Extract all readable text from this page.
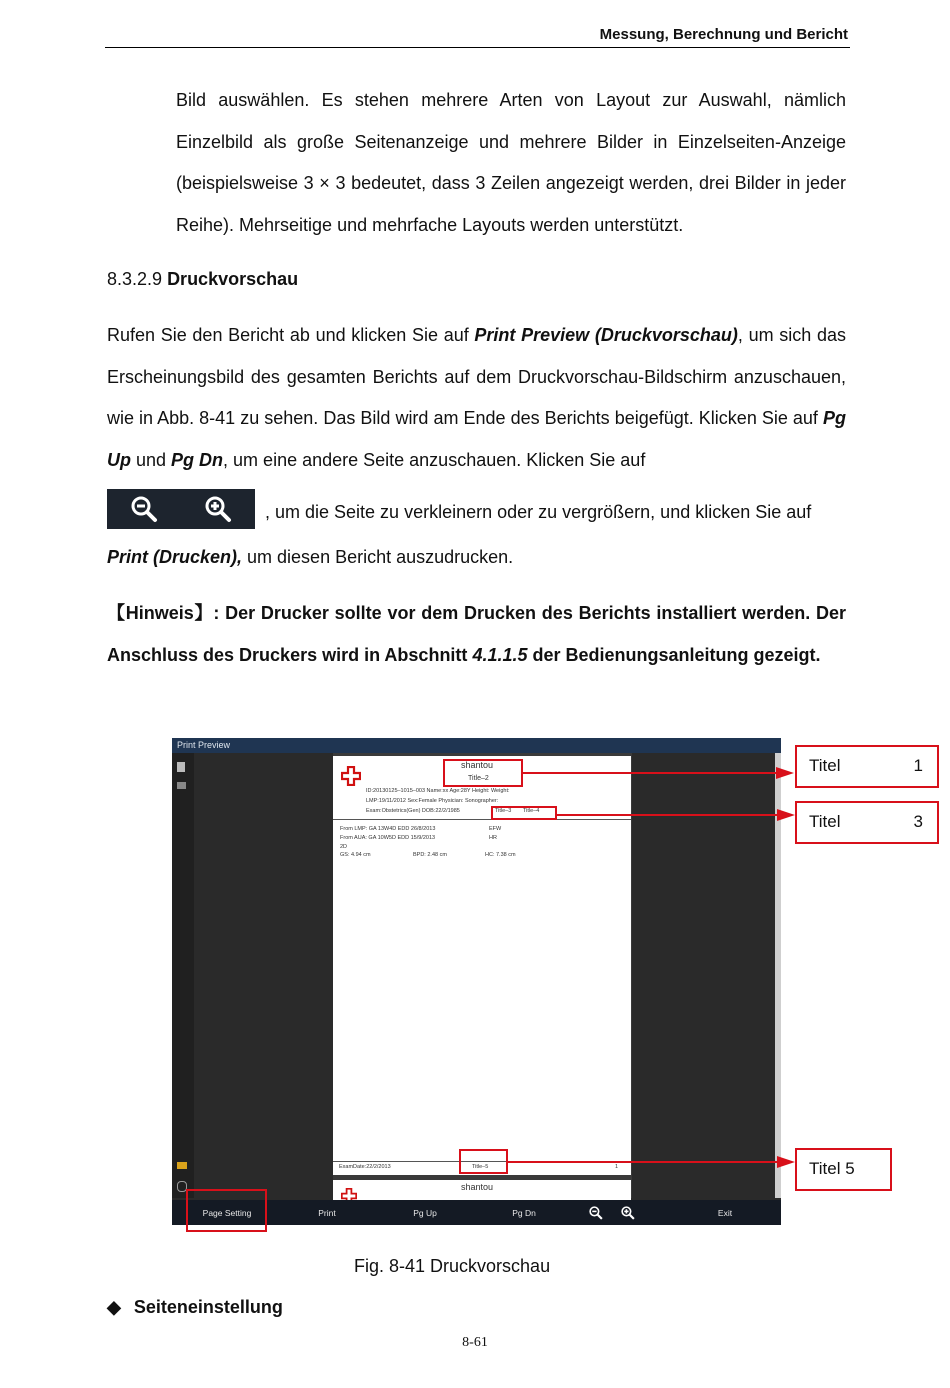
Messung, Berechnung und Bericht
Bild auswählen. Es stehen mehrere Arten von Layout zur Auswahl, nämlich Einzelbild als große Seitenanzeige und mehrere Bilder in Einzelseiten-Anzeige (beispielsweise 3 × 3 bedeutet, dass 3 Zeilen angezeigt werden, drei Bilder in jeder Reihe). Mehrseitige und mehrfache Layouts werden unterstützt.
8.3.2.9 Druckvorschau
Rufen Sie den Bericht ab und klicken Sie auf Print Preview (Druckvorschau), um sich das Erscheinungsbild des gesamten Berichts auf dem Druckvorschau-Bildschirm anzuschauen, wie in Abb. 8-41 zu sehen. Das Bild wird am Ende des Berichts beigefügt. Klicken Sie auf Pg Up und Pg Dn, um eine andere Seite anzuschauen. Klicken Sie auf
, um die Seite zu verkleinern oder zu vergrößern, und klicken Sie auf
Print (Drucken), um diesen Bericht auszudrucken.
【Hinweis】: Der Drucker sollte vor dem Drucken des Berichts installiert werden. Der Anschluss des Druckers wird in Abschnitt 4.1.1.5 der Bedienungsanleitung gezeigt.
Print Preview
shantou
Title–2
ID:20130125–1015–003 Name:xx Age:28Y Height: Weight:
LMP:19/11/2012 Sex:Female Physician: Sonographer:
Exam:Obstetrics(Gen) DOB:22/2/1985	Title–3 Title–4
From LMP: GA 13W4D EDD 26/8/2013	EFW
From AUA: GA 10W5D EDD 15/9/2013	HR
2D
GS: 4.94 cm	BPD: 2.48 cm	HC: 7.38 cm
ExamDate:22/2/2013	Title–5	1
shantou
Page Setting	Print	Pg Up	Pg Dn	Exit
Titel	1
Titel	3
Titel 5
Fig. 8-41 Druckvorschau
◆ Seiteneinstellung
8-61
